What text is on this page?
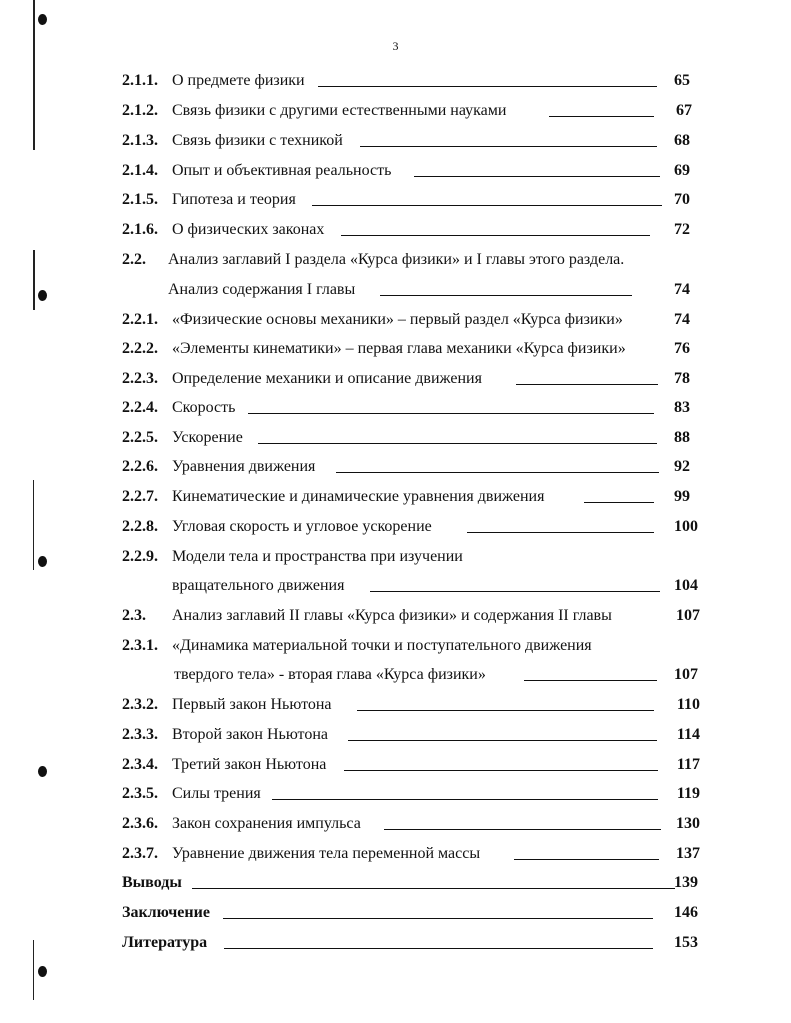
3
2.1.1. О предмете физики	65
2.1.2. Связь физики с другими естественными науками	67
2.1.3. Связь физики с техникой	68
2.1.4. Опыт и объективная реальность	69
2.1.5. Гипотеза и теория	70
2.1.6. О физических законах	72
2.2. Анализ заглавий I раздела «Курса физики» и I главы этого раздела.
Анализ содержания I главы	74
2.2.1. «Физические основы механики» – первый раздел «Курса физики»	74
2.2.2. «Элементы кинематики» – первая глава механики «Курса физики»	76
2.2.3. Определение механики и описание движения	78
2.2.4. Скорость	83
2.2.5. Ускорение	88
2.2.6. Уравнения движения	92
2.2.7. Кинематические и динамические уравнения движения	99
2.2.8. Угловая скорость и угловое ускорение	100
2.2.9. Модели тела и пространства при изучении
вращательного движения	104
2.3. Анализ заглавий II главы «Курса физики» и содержания II главы	107
2.3.1. «Динамика материальной точки и поступательного движения
твердого тела» - вторая глава «Курса физики»	107
2.3.2. Первый закон Ньютона	110
2.3.3. Второй закон Ньютона	114
2.3.4. Третий закон Ньютона	117
2.3.5. Силы трения	119
2.3.6. Закон сохранения импульса	130
2.3.7. Уравнение движения тела переменной массы	137
Выводы	139
Заключение	146
Литература	153
